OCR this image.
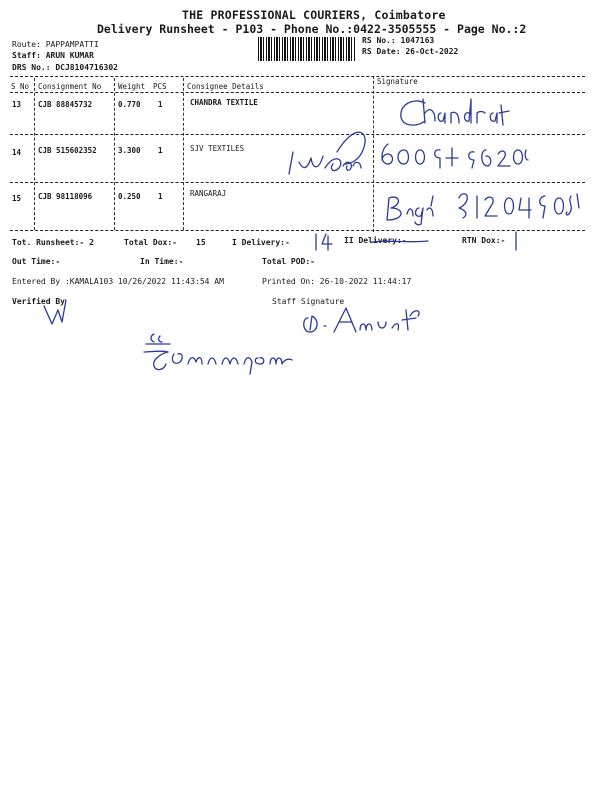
THE PROFESSIONAL COURIERS, Coimbatore
Delivery Runsheet - P103 - Phone No.:0422-3505555 - Page No.:2
Route: PAPPAMPATTI
Staff: ARUN KUMAR
DRS No.: DCJ8104716302
RS No.: 1047163
RS Date: 26-Oct-2022
S No Consignment No Weight PCS	Consignee Details
Signature
13 CJB 88845732	0.770 1	CHANDRA TEXTILE
14 CJB 515602352	3.300 1	SJV TEXTILES
15 CJB 98118096	0.250 1	RANGARAJ
Tot. Runsheet:- 2	Total Dox:- 15	I Delivery:-	II Delivery:-	RTN Dox:-
Out Time:-	In Time:-	Total POD:-
Entered By :KAMALA103 10/26/2022 11:43:54 AM	Printed On: 26-10-2022 11:44:17
Verified By	Staff Signature
